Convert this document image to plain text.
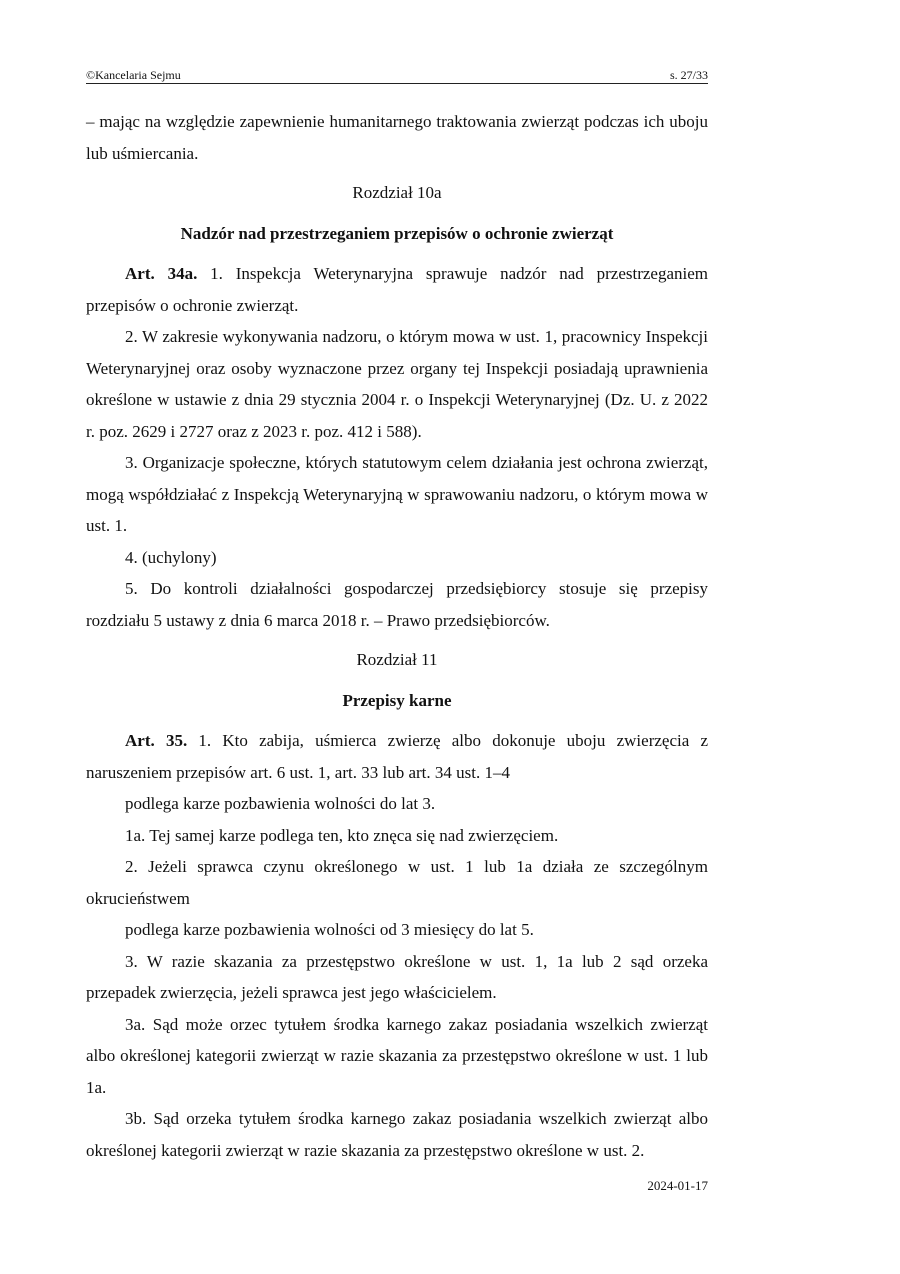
©Kancelaria Sejmu	s. 27/33

– mając na względzie zapewnienie humanitarnego traktowania zwierząt podczas ich uboju lub uśmiercania.

Rozdział 10a

Nadzór nad przestrzeganiem przepisów o ochronie zwierząt

Art. 34a. 1. Inspekcja Weterynaryjna sprawuje nadzór nad przestrzeganiem przepisów o ochronie zwierząt.

2. W zakresie wykonywania nadzoru, o którym mowa w ust. 1, pracownicy Inspekcji Weterynaryjnej oraz osoby wyznaczone przez organy tej Inspekcji posiadają uprawnienia określone w ustawie z dnia 29 stycznia 2004 r. o Inspekcji Weterynaryjnej (Dz. U. z 2022 r. poz. 2629 i 2727 oraz z 2023 r. poz. 412 i 588).

3. Organizacje społeczne, których statutowym celem działania jest ochrona zwierząt, mogą współdziałać z Inspekcją Weterynaryjną w sprawowaniu nadzoru, o którym mowa w ust. 1.

4. (uchylony)

5. Do kontroli działalności gospodarczej przedsiębiorcy stosuje się przepisy rozdziału 5 ustawy z dnia 6 marca 2018 r. – Prawo przedsiębiorców.

Rozdział 11

Przepisy karne

Art. 35. 1. Kto zabija, uśmierca zwierzę albo dokonuje uboju zwierzęcia z naruszeniem przepisów art. 6 ust. 1, art. 33 lub art. 34 ust. 1–4

podlega karze pozbawienia wolności do lat 3.

1a. Tej samej karze podlega ten, kto znęca się nad zwierzęciem.

2. Jeżeli sprawca czynu określonego w ust. 1 lub 1a działa ze szczególnym okrucieństwem

podlega karze pozbawienia wolności od 3 miesięcy do lat 5.

3. W razie skazania za przestępstwo określone w ust. 1, 1a lub 2 sąd orzeka przepadek zwierzęcia, jeżeli sprawca jest jego właścicielem.

3a. Sąd może orzec tytułem środka karnego zakaz posiadania wszelkich zwierząt albo określonej kategorii zwierząt w razie skazania za przestępstwo określone w ust. 1 lub 1a.

3b. Sąd orzeka tytułem środka karnego zakaz posiadania wszelkich zwierząt albo określonej kategorii zwierząt w razie skazania za przestępstwo określone w ust. 2.

2024-01-17
